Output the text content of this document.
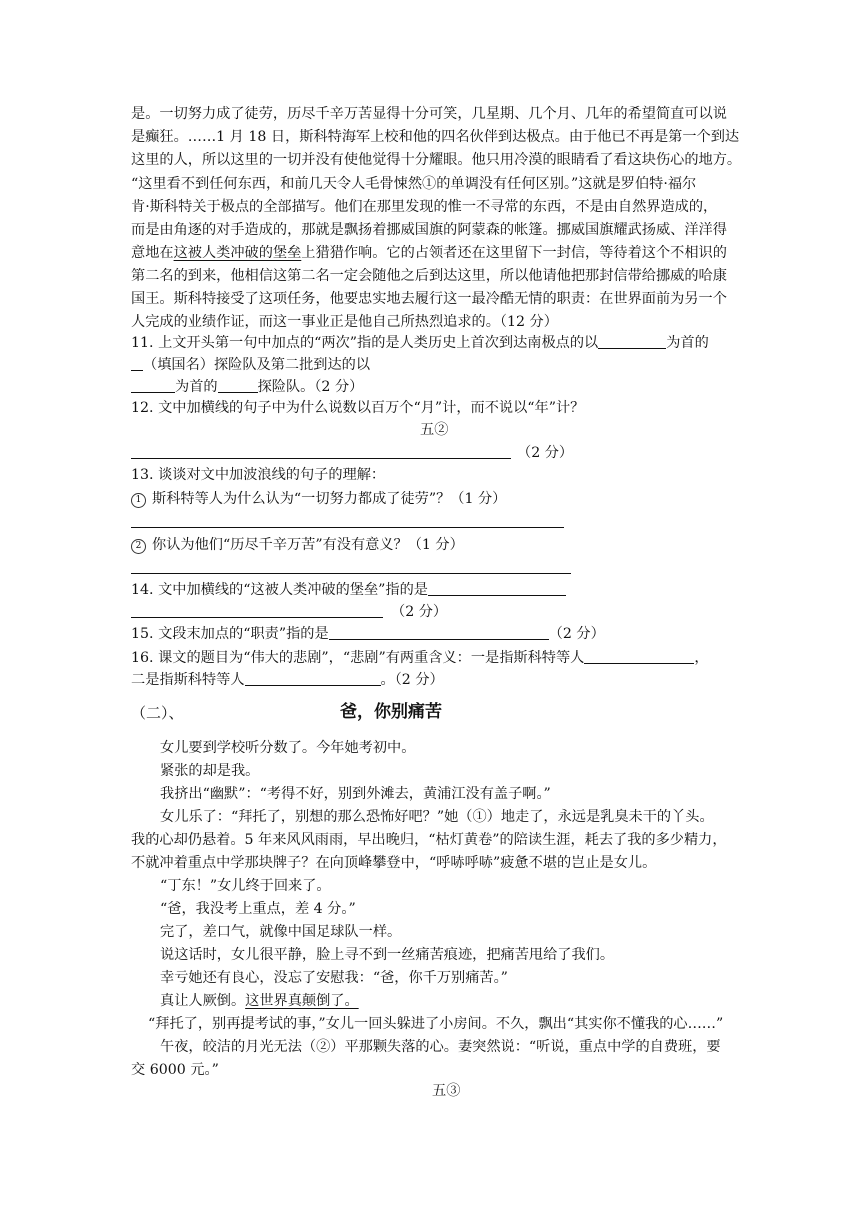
是。一切努力成了徒劳，历尽千辛万苦显得十分可笑，几星期、几个月、几年的希望简直可以说
是癫狂。……1 月 18 日，斯科特海军上校和他的四名伙伴到达极点。由于他已不再是第一个到达
这里的人，所以这里的一切并没有使他觉得十分耀眼。他只用冷漠的眼睛看了看这块伤心的地方。
“这里看不到任何东西，和前几天令人毛骨悚然①的单调没有任何区别。”这就是罗伯特·福尔
肯·斯科特关于极点的全部描写。他们在那里发现的惟一不寻常的东西，不是由自然界造成的，
而是由角逐的对手造成的，那就是飘扬着挪威国旗的阿蒙森的帐篷。挪威国旗耀武扬威、洋洋得
意地在这被人类冲破的堡垒上猎猎作响。它的占领者还在这里留下一封信，等待着这个不相识的
第二名的到来，他相信这第二名一定会随他之后到达这里，所以他请他把那封信带给挪威的哈康
国王。斯科特接受了这项任务，他要忠实地去履行这一最冷酷无情的职责：在世界面前为另一个
人完成的业绩作证，而这一事业正是他自己所热烈追求的。（12 分）
11. 上文开头第一句中加点的“两次”指的是人类历史上首次到达南极点的以	为首的
（填国名）探险队及第二批到达的以
为首的	探险队。（2 分）
12. 文中加横线的句子中为什么说数以百万个“月”计，而不说以“年”计？
五②
（2 分）
13. 谈谈对文中加波浪线的句子的理解：
1 斯科特等人为什么认为“一切努力都成了徒劳”？（1 分）
2 你认为他们“历尽千辛万苦”有没有意义？（1 分）
14. 文中加横线的“这被人类冲破的堡垒”指的是
（2 分）
15. 文段末加点的“职责”指的是	（2 分）
16. 课文的题目为“伟大的悲剧”，“悲剧”有两重含义：一是指斯科特等人	，
二是指斯科特等人	。（2 分）
（二）、	爸，你别痛苦
女儿要到学校听分数了。今年她考初中。
紧张的却是我。
我挤出“幽默”：“考得不好，别到外滩去，黄浦江没有盖子啊。”
女儿乐了：“拜托了，别想的那么恐怖好吧？”她（①）地走了，永远是乳臭未干的丫头。
我的心却仍悬着。5 年来风风雨雨，早出晚归，“枯灯黄卷”的陪读生涯，耗去了我的多少精力，
不就冲着重点中学那块牌子？在向顶峰攀登中，“呼哧呼哧”疲惫不堪的岂止是女儿。
“丁东！”女儿终于回来了。
“爸，我没考上重点，差 4 分。”
完了，差口气，就像中国足球队一样。
说这话时，女儿很平静，脸上寻不到一丝痛苦痕迹，把痛苦甩给了我们。
幸亏她还有良心，没忘了安慰我：“爸，你千万别痛苦。”
真让人厥倒。这世界真颠倒了。
“拜托了，别再提考试的事，”女儿一回头躲进了小房间。不久，飘出“其实你不懂我的心……”
午夜，皎洁的月光无法（②）平那颗失落的心。妻突然说：“听说，重点中学的自费班，要
交 6000 元。”
五③
